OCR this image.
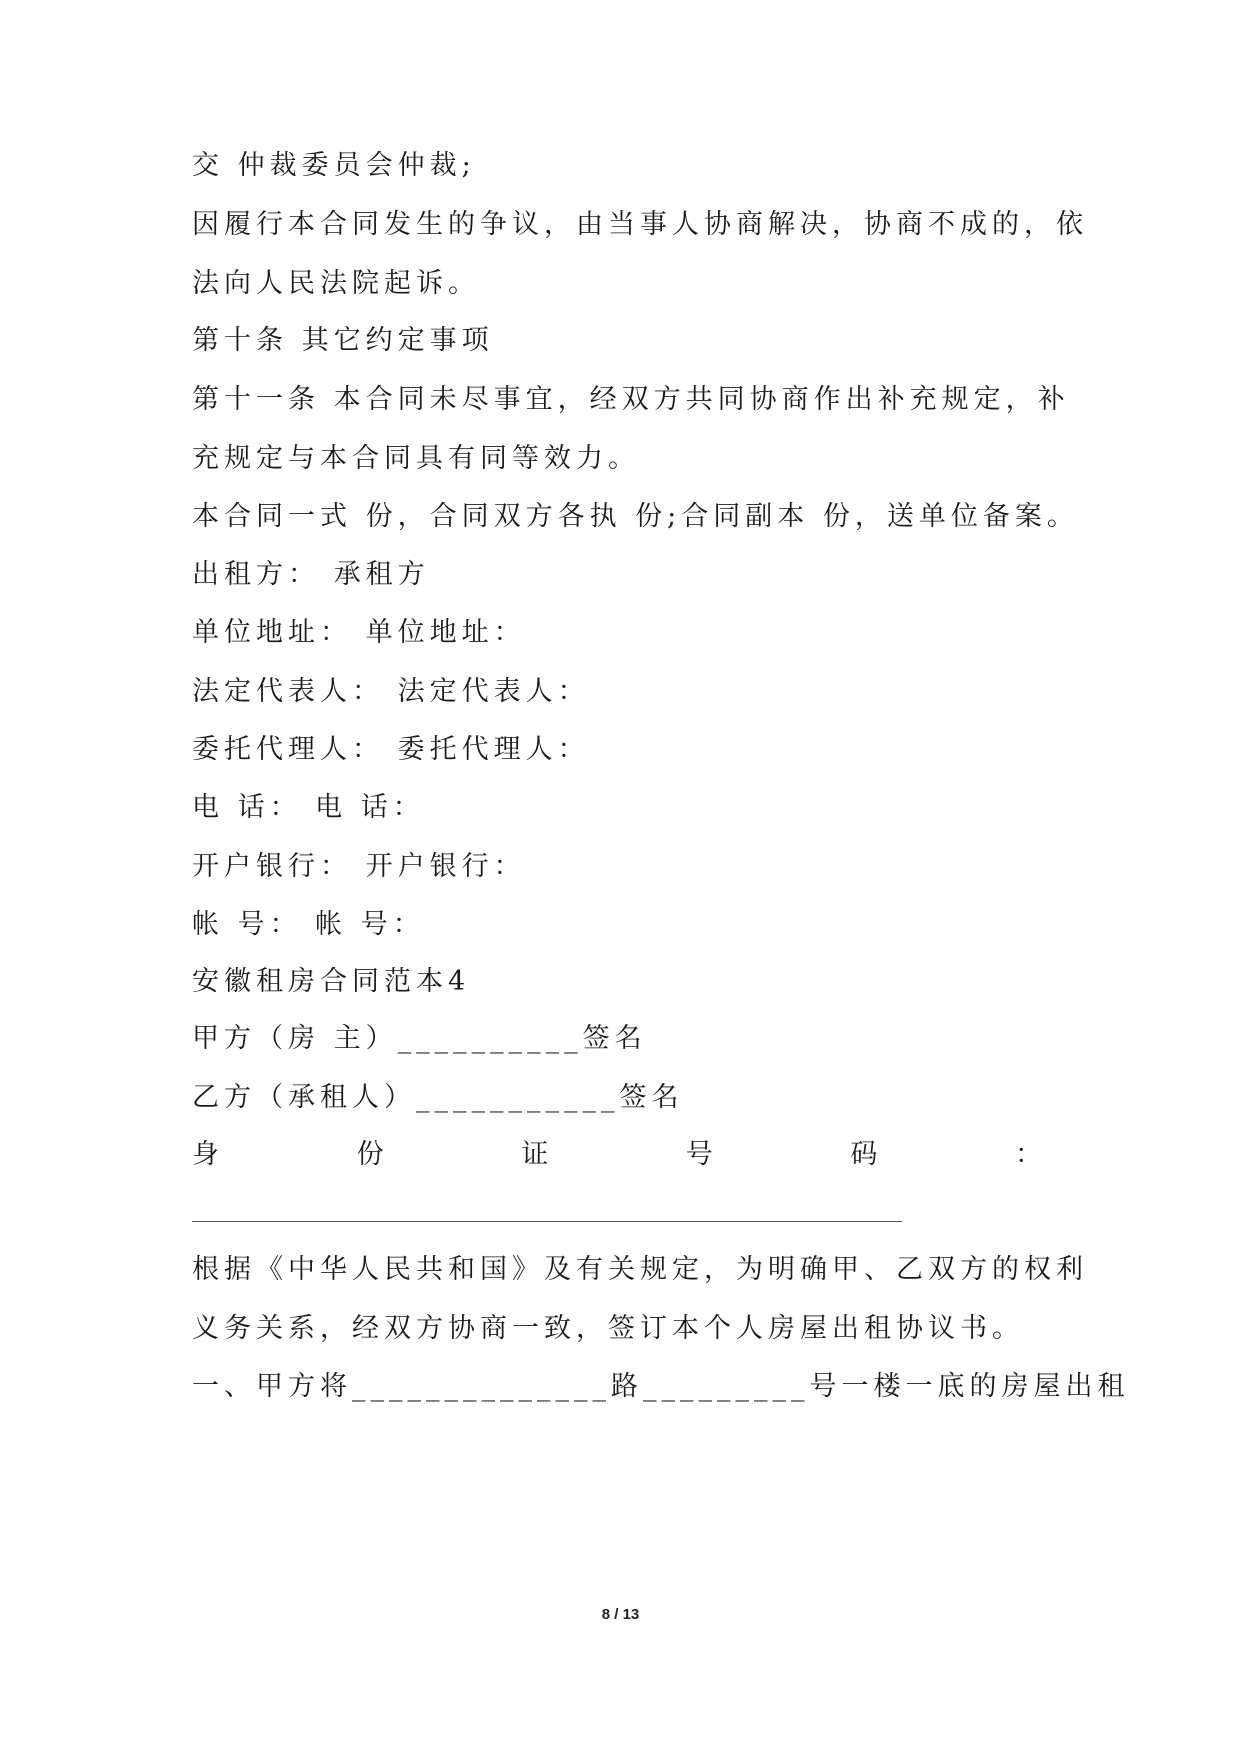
交 仲裁委员会仲裁;

因履行本合同发生的争议，由当事人协商解决，协商不成的，依

法向人民法院起诉。

第十条 其它约定事项

第十一条 本合同未尽事宜，经双方共同协商作出补充规定，补

充规定与本合同具有同等效力。

本合同一式 份，合同双方各执 份;合同副本 份，送单位备案。

出租方： 承租方

单位地址： 单位地址：

法定代表人： 法定代表人：

委托代理人： 委托代理人：

电 话： 电 话：

开户银行： 开户银行：

帐 号： 帐 号：

安徽租房合同范本4

甲方（房 主）__________签名

乙方（承租人）___________签名

身	份	证	号	码	：

根据《中华人民共和国》及有关规定，为明确甲、乙双方的权利

义务关系，经双方协商一致，签订本个人房屋出租协议书。

一、甲方将______________路_________号一楼一底的房屋出租

8 / 13
